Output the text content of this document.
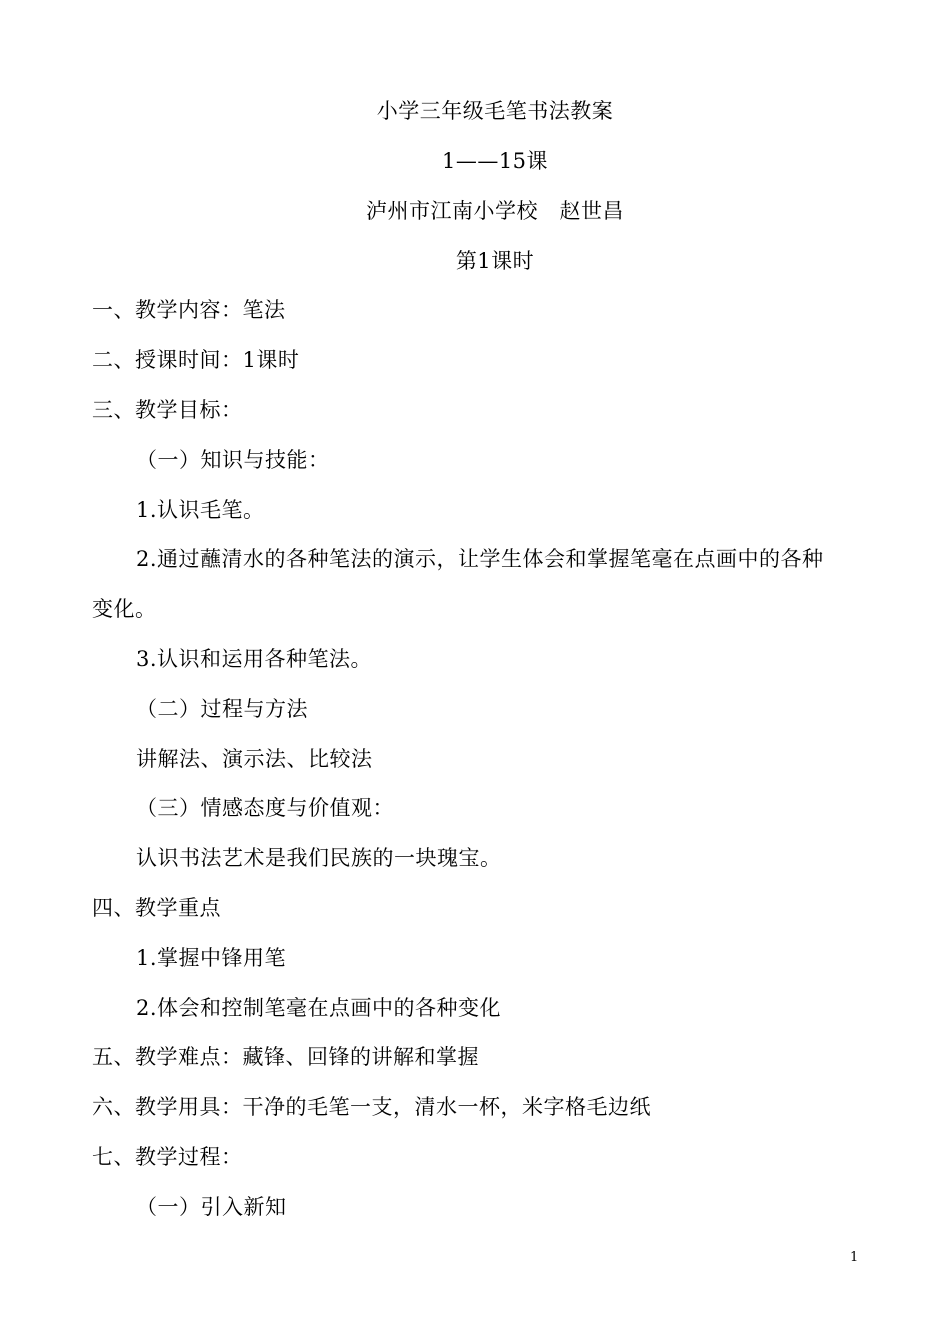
小学三年级毛笔书法教案
1——15课
泸州市江南小学校　赵世昌
第1课时
一、教学内容：笔法
二、授课时间：1课时
三、教学目标：
（一）知识与技能：
1.认识毛笔。
2.通过蘸清水的各种笔法的演示，让学生体会和掌握笔毫在点画中的各种
变化。
3.认识和运用各种笔法。
（二）过程与方法
讲解法、演示法、比较法
（三）情感态度与价值观：
认识书法艺术是我们民族的一块瑰宝。
四、教学重点
1.掌握中锋用笔
2.体会和控制笔毫在点画中的各种变化
五、教学难点：藏锋、回锋的讲解和掌握
六、教学用具：干净的毛笔一支，清水一杯，米字格毛边纸
七、教学过程：
（一）引入新知
1
